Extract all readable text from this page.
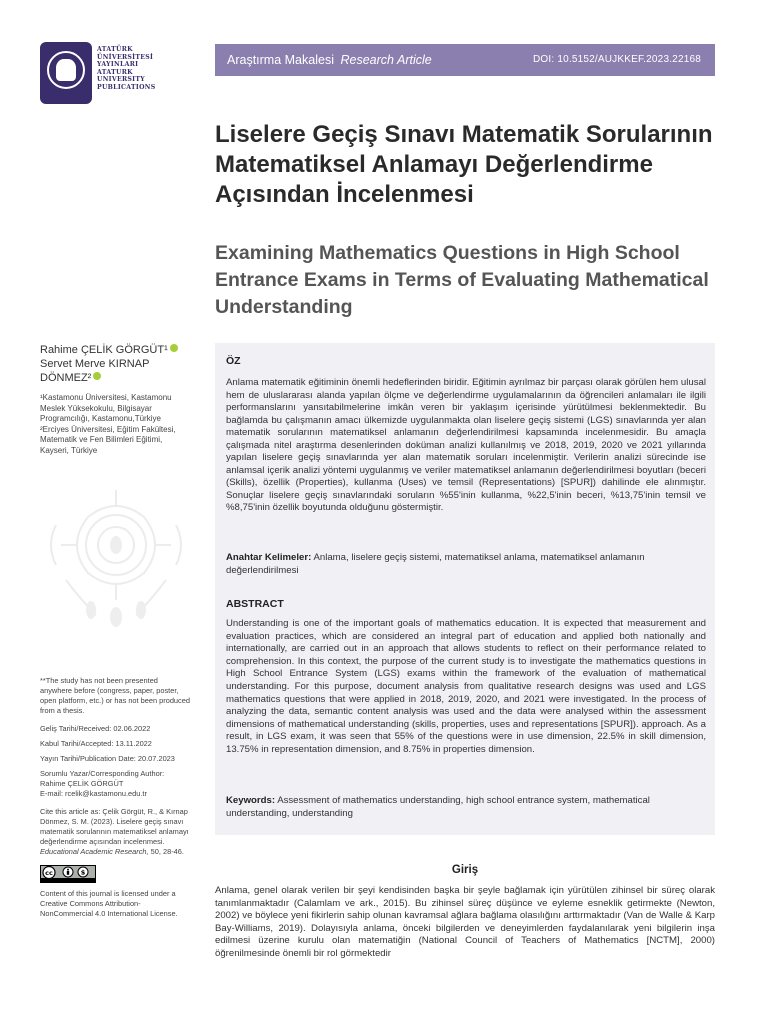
ATATÜRK
ÜNİVERSİTESİ
YAYINLARI
ATATURK
UNIVERSITY
PUBLICATIONS
Araştırma Makalesi Research Article	DOI: 10.5152/AUJKKEF.2023.22168
Liselere Geçiş Sınavı Matematik Sorularının Matematiksel Anlamayı Değerlendirme Açısından İncelenmesi
Examining Mathematics Questions in High School Entrance Exams in Terms of Evaluating Mathematical Understanding
Rahime ÇELİK GÖRGÜT¹
Servet Merve KIRNAP DÖNMEZ²
¹Kastamonu Üniversitesi, Kastamonu Meslek Yüksekokulu, Bilgisayar Programcılığı, Kastamonu,Türkiye
²Erciyes Üniversitesi, Eğitim Fakültesi, Matematik ve Fen Bilimleri Eğitimi, Kayseri, Türkiye

**The study has not been presented anywhere before (congress, paper, poster, open platform, etc.) or has not been produced from a thesis.

Geliş Tarihi/Received: 02.06.2022

Kabul Tarihi/Accepted: 13.11.2022

Yayın Tarihi/Publication Date: 20.07.2023

Sorumlu Yazar/Corresponding Author:
Rahime ÇELİK GÖRGÜT
E-mail: rcelik@kastamonu.edu.tr

Cite this article as: Çelik Görgüt, R., & Kırnap Dönmez, S. M. (2023). Liselere geçiş sınavı matematik sorularının matematiksel anlamayı değerlendirme açısından incelenmesi. Educational Academic Research, 50, 28-46.

cc	$

Content of this journal is licensed under a Creative Commons Attribution-NonCommercial 4.0 International License.

ÖZ
Anlama matematik eğitiminin önemli hedeflerinden biridir. Eğitimin ayrılmaz bir parçası olarak görülen hem ulusal hem de uluslararası alanda yapılan ölçme ve değerlendirme uygulamalarının da öğrencileri anlamaları ile ilgili performanslarını yansıtabilmelerine imkân veren bir yaklaşım içerisinde yürütülmesi beklenmektedir. Bu bağlamda bu çalışmanın amacı ülkemizde uygulanmakta olan liselere geçiş sistemi (LGS) sınavlarında yer alan matematik sorularının matematiksel anlamanın değerlendirilmesi kapsamında incelenmesidir. Bu amaçla çalışmada nitel araştırma desenlerinden doküman analizi kullanılmış ve 2018, 2019, 2020 ve 2021 yıllarında yapılan liselere geçiş sınavlarında yer alan matematik soruları incelenmiştir. Verilerin analizi sürecinde ise anlamsal içerik analizi yöntemi uygulanmış ve veriler matematiksel anlamanın değerlendirilmesi boyutları (beceri (Skills), özellik (Properties), kullanma (Uses) ve temsil (Representations) [SPUR]) dahilinde ele alınmıştır. Sonuçlar liselere geçiş sınavlarındaki soruların %55'inin kullanma, %22,5'inin beceri, %13,75'inin temsil ve %8,75'inin özellik boyutunda olduğunu göstermiştir.
Anahtar Kelimeler: Anlama, liselere geçiş sistemi, matematiksel anlama, matematiksel anlamanın değerlendirilmesi
ABSTRACT
Understanding is one of the important goals of mathematics education. It is expected that measurement and evaluation practices, which are considered an integral part of education and applied both nationally and internationally, are carried out in an approach that allows students to reflect on their performance related to comprehension. In this context, the purpose of the current study is to investigate the mathematics questions in High School Entrance System (LGS) exams within the framework of the evaluation of mathematical understanding. For this purpose, document analysis from qualitative research designs was used and LGS mathematics questions that were applied in 2018, 2019, 2020, and 2021 were investigated. In the process of analyzing the data, semantic content analysis was used and the data were analysed within the assessment dimensions of mathematical understanding (skills, properties, uses and representations [SPUR]). approach. As a result, in LGS exam, it was seen that 55% of the questions were in use dimension, 22.5% in skill dimension, 13.75% in representation dimension, and 8.75% in properties dimension.
Keywords: Assessment of mathematics understanding, high school entrance system, mathematical understanding, understanding
Giriş
Anlama, genel olarak verilen bir şeyi kendisinden başka bir şeyle bağlamak için yürütülen zihinsel bir süreç olarak tanımlanmaktadır (Calamlam ve ark., 2015). Bu zihinsel süreç düşünce ve eyleme esneklik getirmekte (Newton, 2002) ve böylece yeni fikirlerin sahip olunan kavramsal ağlara bağlama olasılığını arttırmaktadır (Van de Walle & Karp Bay-Williams, 2019). Dolayısıyla anlama, önceki bilgilerden ve deneyimlerden faydalanılarak yeni bilgilerin inşa edilmesi üzerine kurulu olan matematiğin (National Council of Teachers of Mathematics [NCTM], 2000) öğrenilmesinde önemli bir rol görmektedir
